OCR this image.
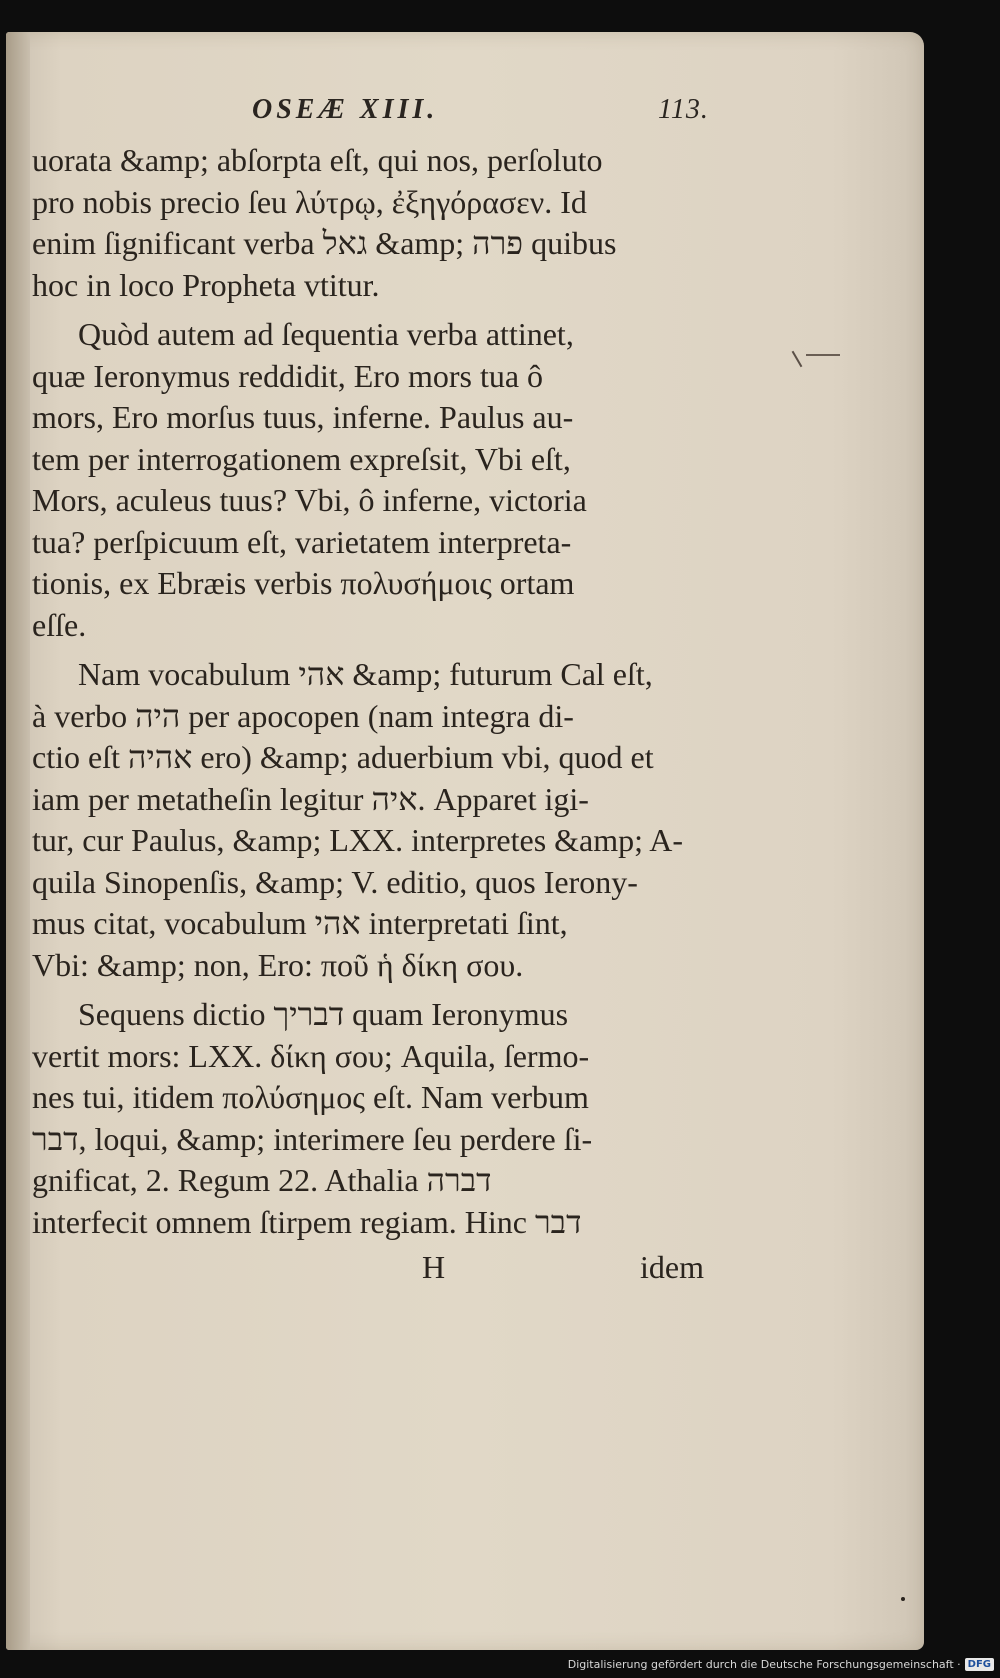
OSEÆ XIII.	113.
uorata &amp; abſorpta eſt, qui nos, perſoluto
pro nobis precio ſeu λύτρῳ, ἐξηγόρασεν. Id
enim ſignificant verba גאל &amp; פרה quibus
hoc in loco Propheta vtitur.
Quòd autem ad ſequentia verba attinet,
quæ Ieronymus reddidit, Ero mors tua ô
mors, Ero morſus tuus, inferne. Paulus au-
tem per interrogationem expreſsit, Vbi eſt,
Mors, aculeus tuus? Vbi, ô inferne, victoria
tua? perſpicuum eſt, varietatem interpreta-
tionis, ex Ebræis verbis πολυσήμοις ortam
eſſe.
Nam vocabulum אהי &amp; futurum Cal eſt,
à verbo היה per apocopen (nam integra di-
ctio eſt אהיה ero) &amp; aduerbium vbi, quod et
iam per metatheſin legitur איה. Apparet igi-
tur, cur Paulus, &amp; LXX. interpretes &amp; A-
quila Sinopenſis, &amp; V. editio, quos Ierony-
mus citat, vocabulum אהי interpretati ſint,
Vbi: &amp; non, Ero: ποῦ ἡ δίκη σου.
Sequens dictio דבריך quam Ieronymus
vertit mors: LXX. δίκη σου; Aquila, ſermo-
nes tui, itidem πολύσημος eſt. Nam verbum
דבר, loqui, &amp; interimere ſeu perdere ſi-
gnificat, 2. Regum 22. Athalia דברה
interfecit omnem ſtirpem regiam. Hinc דבר
H	idem
Digitalisierung gefördert durch die Deutsche Forschungsgemeinschaft · DFG
